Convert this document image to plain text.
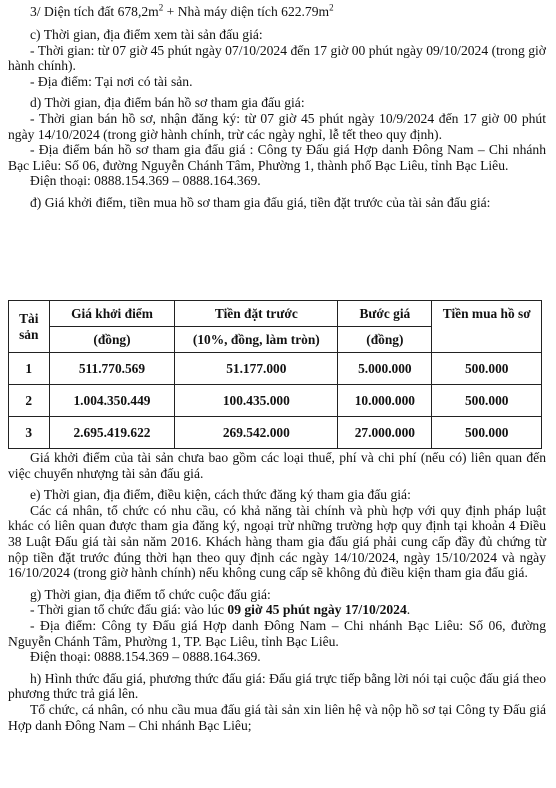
3/ Diện tích đất $678,2m^2$ + Nhà máy diện tích $622.79m^2$

c) Thời gian, địa điểm xem tài sản đấu giá:

- Thời gian: từ 07 giờ 45 phút ngày 07/10/2024 đến 17 giờ 00 phút ngày 09/10/2024 (trong giờ hành chính).

- Địa điểm: Tại nơi có tài sản.

d) Thời gian, địa điểm bán hồ sơ tham gia đấu giá:

- Thời gian bán hồ sơ, nhận đăng ký: từ 07 giờ 45 phút ngày 10/9/2024 đến 17 giờ 00 phút ngày 14/10/2024 (trong giờ hành chính, trừ các ngày nghỉ, lễ tết theo quy định).

- Địa điểm bán hồ sơ tham gia đấu giá : Công ty Đấu giá Hợp danh Đông Nam – Chi nhánh Bạc Liêu: Số 06, đường Nguyễn Chánh Tâm, Phường 1, thành phố Bạc Liêu, tỉnh Bạc Liêu.

Điện thoại: 0888.154.369 – 0888.164.369.

đ) Giá khởi điểm, tiền mua hồ sơ tham gia đấu giá, tiền đặt trước của tài sản đấu giá:

Tài
sản	Giá khởi điểm	Tiền đặt trước	Bước giá	Tiền mua hồ sơ

	(đồng)	(10%, đồng, làm tròn)	(đồng)	
1	511.770.569	51.177.000	5.000.000	500.000
2	1.004.350.449	100.435.000	10.000.000	500.000
3	2.695.419.622	269.542.000	27.000.000	500.000

Giá khởi điểm của tài sản chưa bao gồm các loại thuế, phí và chi phí (nếu có) liên quan đến việc chuyển nhượng tài sản đấu giá.

e) Thời gian, địa điểm, điều kiện, cách thức đăng ký tham gia đấu giá:

Các cá nhân, tổ chức có nhu cầu, có khả năng tài chính và phù hợp với quy định pháp luật khác có liên quan được tham gia đăng ký, ngoại trừ những trường hợp quy định tại khoản 4 Điều 38 Luật Đấu giá tài sản năm 2016. Khách hàng tham gia đấu giá phải cung cấp đầy đủ chứng từ nộp tiền đặt trước đúng thời hạn theo quy định các ngày 14/10/2024, ngày 15/10/2024 và ngày 16/10/2024 (trong giờ hành chính) nếu không cung cấp sẽ không đủ điều kiện tham gia đấu giá.

g) Thời gian, địa điểm tổ chức cuộc đấu giá:

- Thời gian tổ chức đấu giá: vào lúc 09 giờ 45 phút ngày 17/10/2024.

- Địa điểm: Công ty Đấu giá Hợp danh Đông Nam – Chi nhánh Bạc Liêu: Số 06, đường Nguyễn Chánh Tâm, Phường 1, TP. Bạc Liêu, tỉnh Bạc Liêu.

Điện thoại: 0888.154.369 – 0888.164.369.

h) Hình thức đấu giá, phương thức đấu giá: Đấu giá trực tiếp bằng lời nói tại cuộc đấu giá theo phương thức trả giá lên.

Tổ chức, cá nhân, có nhu cầu mua đấu giá tài sản xin liên hệ và nộp hồ sơ tại Công ty Đấu giá Hợp danh Đông Nam – Chi nhánh Bạc Liêu;
